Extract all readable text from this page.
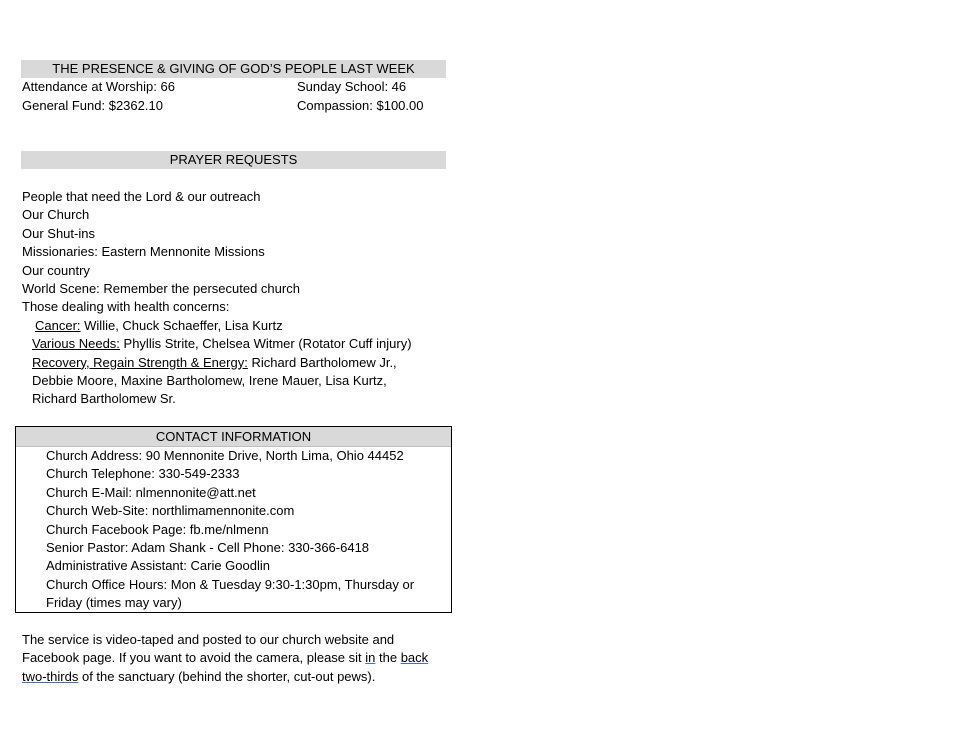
THE PRESENCE & GIVING OF GOD’S PEOPLE LAST WEEK
Attendance at Worship: 66	Sunday School: 46
General Fund: $2362.10	Compassion: $100.00
PRAYER REQUESTS
People that need the Lord & our outreach
Our Church
Our Shut-ins
Missionaries: Eastern Mennonite Missions
Our country
World Scene: Remember the persecuted church
Those dealing with health concerns:
Cancer: Willie, Chuck Schaeffer, Lisa Kurtz
Various Needs: Phyllis Strite, Chelsea Witmer (Rotator Cuff injury)
Recovery, Regain Strength & Energy: Richard Bartholomew Jr.,
Debbie Moore, Maxine Bartholomew, Irene Mauer, Lisa Kurtz,
Richard Bartholomew Sr.
CONTACT INFORMATION
Church Address: 90 Mennonite Drive, North Lima, Ohio 44452
Church Telephone: 330-549-2333
Church E-Mail: nlmennonite@att.net
Church Web-Site: northlimamennonite.com
Church Facebook Page: fb.me/nlmenn
Senior Pastor: Adam Shank - Cell Phone: 330-366-6418
Administrative Assistant: Carie Goodlin
Church Office Hours: Mon & Tuesday 9:30-1:30pm, Thursday or Friday (times may vary)
The service is video-taped and posted to our church website and Facebook page. If you want to avoid the camera, please sit in the back two-thirds of the sanctuary (behind the shorter, cut-out pews).
